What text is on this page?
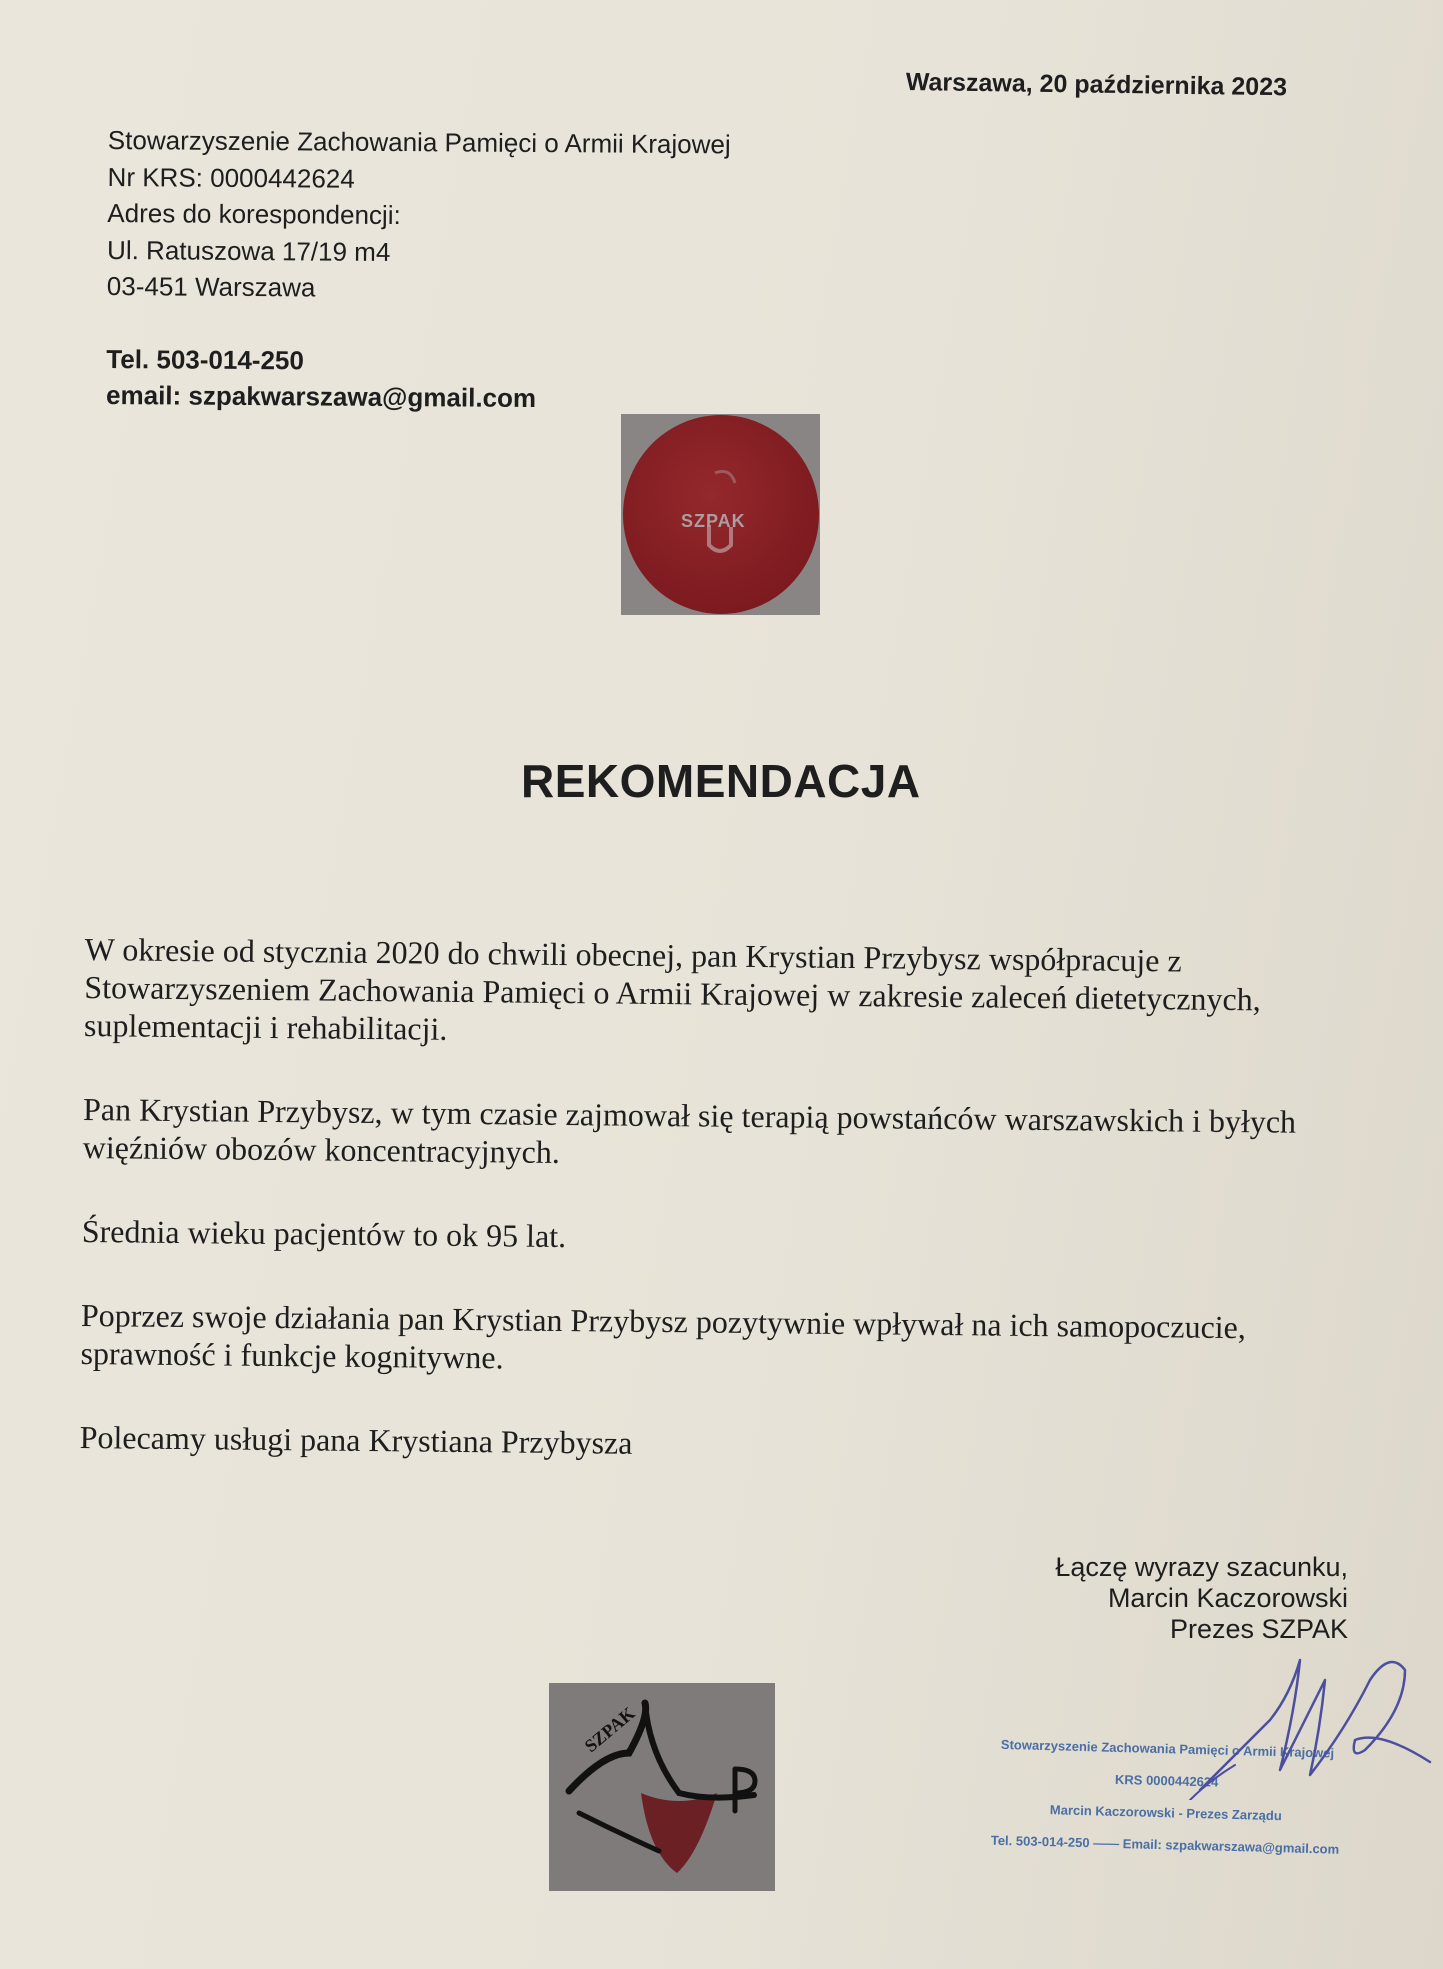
Warszawa, 20 października 2023
Stowarzyszenie Zachowania Pamięci o Armii Krajowej
Nr KRS: 0000442624
Adres do korespondencji:
Ul. Ratuszowa 17/19 m4
03-451 Warszawa
Tel. 503-014-250
email: szpakwarszawa@gmail.com
SZPAK
REKOMENDACJA

W okresie od stycznia 2020 do chwili obecnej, pan Krystian Przybysz współpracuje z Stowarzyszeniem Zachowania Pamięci o Armii Krajowej w zakresie zaleceń dietetycznych, suplementacji i rehabilitacji.

Pan Krystian Przybysz, w tym czasie zajmował się terapią powstańców warszawskich i byłych więźniów obozów koncentracyjnych.

Średnia wieku pacjentów to ok 95 lat.

Poprzez swoje działania pan Krystian Przybysz pozytywnie wpływał na ich samopoczucie, sprawność i funkcje kognitywne.

Polecamy usługi pana Krystiana Przybysza

Łączę wyrazy szacunku,
Marcin Kaczorowski
Prezes SZPAK
SZPAK	Stowarzyszenie Zachowania Pamięci o Armii Krajowej
KRS 0000442624
Marcin Kaczorowski - Prezes Zarządu
Tel. 503-014-250 —— Email: szpakwarszawa@gmail.com
